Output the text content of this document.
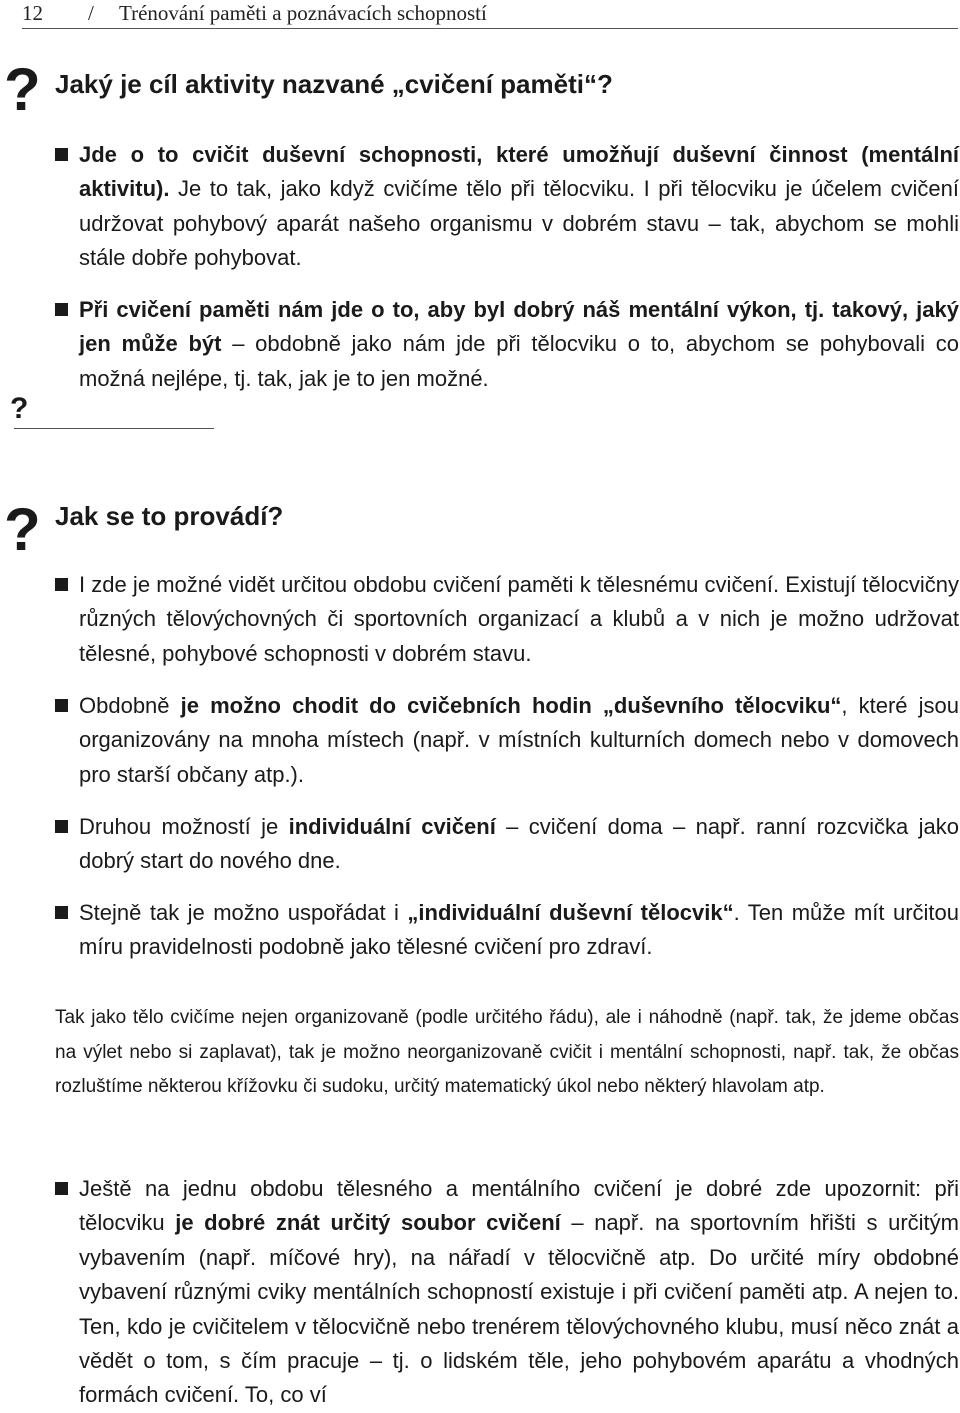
12 / Trénování paměti a poznávacích schopností
? Jaký je cíl aktivity nazvané „cvičení paměti“?
Jde o to cvičit duševní schopnosti, které umožňují duševní činnost (mentální aktivitu). Je to tak, jako když cvičíme tělo při tělocviku. I při tělocviku je účelem cvičení udržovat pohybový aparát našeho organismu v dobrém stavu – tak, abychom se mohli stále dobře pohybovat.
Při cvičení paměti nám jde o to, aby byl dobrý náš mentální výkon, tj. takový, jaký jen může být – obdobně jako nám jde při tělocviku o to, abychom se pohybovali co možná nejlépe, tj. tak, jak je to jen možné.
?
? Jak se to provádí?
I zde je možné vidět určitou obdobu cvičení paměti k tělesnému cvičení. Existují tělocvičny různých tělovýchovných či sportovních organizací a klubů a v nich je možno udržovat tělesné, pohybové schopnosti v dobrém stavu.
Obdobně je možno chodit do cvičebních hodin „duševního tělocviku“, které jsou organizovány na mnoha místech (např. v místních kulturních domech nebo v domovech pro starší občany atp.).
Druhou možností je individuální cvičení – cvičení doma – např. ranní rozcvička jako dobrý start do nového dne.
Stejně tak je možno uspořádat i „individuální duševní tělocvik“. Ten může mít určitou míru pravidelnosti podobně jako tělesné cvičení pro zdraví.

Tak jako tělo cvičíme nejen organizovaně (podle určitého řádu), ale i náhodně (např. tak, že jdeme občas na výlet nebo si zaplavat), tak je možno neorganizovaně cvičit i mentální schopnosti, např. tak, že občas rozluštíme některou křížovku či sudoku, určitý matematický úkol nebo některý hlavolam atp.

Ještě na jednu obdobu tělesného a mentálního cvičení je dobré zde upozornit: při tělocviku je dobré znát určitý soubor cvičení – např. na sportovním hřišti s určitým vybavením (např. míčové hry), na nářadí v tělocvičně atp. Do určité míry obdobné vybavení různými cviky mentálních schopností existuje i při cvičení paměti atp. A nejen to. Ten, kdo je cvičitelem v tělocvičně nebo trenérem tělovýchovného klubu, musí něco znát a vědět o tom, s čím pracuje – tj. o lidském těle, jeho pohybovém aparátu a vhodných formách cvičení. To, co ví
